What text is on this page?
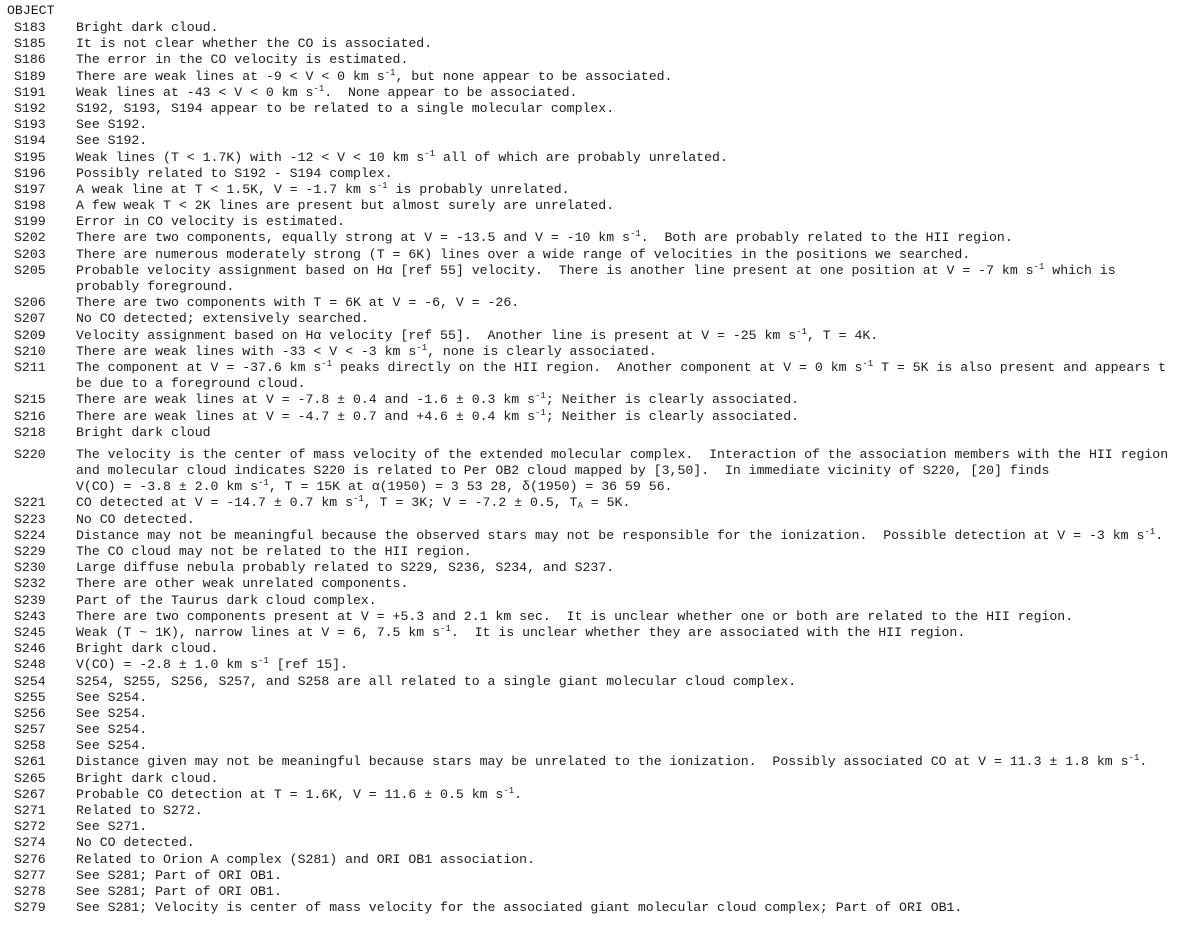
OBJECT
S183 Bright dark cloud.
S185 It is not clear whether the CO is associated.
S186 The error in the CO velocity is estimated.
S189 There are weak lines at -9 < V < 0 km $s^{-1}$, but none appear to be associated.
S191 Weak lines at -43 < V < 0 km $s^{-1}$.  None appear to be associated.
S192 S192, S193, S194 appear to be related to a single molecular complex.
S193 See S192.
S194 See S192.
S195 Weak lines (T < 1.7K) with -12 < V < 10 km $s^{-1}$ all of which are probably unrelated.
S196 Possibly related to S192 - S194 complex.
S197 A weak line at T < 1.5K, V = -1.7 km $s^{-1}$ is probably unrelated.
S198 A few weak T < 2K lines are present but almost surely are unrelated.
S199 Error in CO velocity is estimated.
S202 There are two components, equally strong at V = -13.5 and V = -10 km $s^{-1}$.  Both are probably related to the HII region.
S203 There are numerous moderately strong (T = 6K) lines over a wide range of velocities in the positions we searched.
S205 Probable velocity assignment based on Hα [ref 55] velocity.  There is another line present at one position at V = -7 km $s^{-1}$ which is
probably foreground.
S206 There are two components with T = 6K at V = -6, V = -26.
S207 No CO detected; extensively searched.
S209 Velocity assignment based on Hα velocity [ref 55].  Another line is present at V = -25 km $s^{-1}$, T = 4K.
S210 There are weak lines with -33 < V < -3 km $s^{-1}$, none is clearly associated.
S211 The component at V = -37.6 km $s^{-1}$ peaks directly on the HII region.  Another component at V = 0 km $s^{-1}$ T = 5K is also present and appears t
be due to a foreground cloud.
S215 There are weak lines at V = -7.8 ± 0.4 and -1.6 ± 0.3 km $s^{-1}$; Neither is clearly associated.
S216 There are weak lines at V = -4.7 ± 0.7 and +4.6 ± 0.4 km $s^{-1}$; Neither is clearly associated.
S218 Bright dark cloud
S220 The velocity is the center of mass velocity of the extended molecular complex.  Interaction of the association members with the HII region
and molecular cloud indicates S220 is related to Per OB2 cloud mapped by [3,50].  In immediate vicinity of S220, [20] finds
V(CO) = -3.8 ± 2.0 km $s^{-1}$, T = 15K at α(1950) = 3 53 28, δ(1950) = 36 59 56.
S221 CO detected at V = -14.7 ± 0.7 km $s^{-1}$, T = 3K; V = -7.2 ± 0.5, $T_A = 5K$.
S223 No CO detected.
S224 Distance may not be meaningful because the observed stars may not be responsible for the ionization.  Possible detection at V = -3 km $s^{-1}$.
S229 The CO cloud may not be related to the HII region.
S230 Large diffuse nebula probably related to S229, S236, S234, and S237.
S232 There are other weak unrelated components.
S239 Part of the Taurus dark cloud complex.
S243 There are two components present at V = +5.3 and 2.1 km sec.  It is unclear whether one or both are related to the HII region.
S245 Weak (T ~ 1K), narrow lines at V = 6, 7.5 km $s^{-1}$.  It is unclear whether they are associated with the HII region.
S246 Bright dark cloud.
S248 V(CO) = -2.8 ± 1.0 km $s^{-1}$ [ref 15].
S254 S254, S255, S256, S257, and S258 are all related to a single giant molecular cloud complex.
S255 See S254.
S256 See S254.
S257 See S254.
S258 See S254.
S261 Distance given may not be meaningful because stars may be unrelated to the ionization.  Possibly associated CO at V = 11.3 ± 1.8 km $s^{-1}$.
S265 Bright dark cloud.
S267 Probable CO detection at T = 1.6K, V = 11.6 ± 0.5 km $s^{-1}$.
S271 Related to S272.
S272 See S271.
S274 No CO detected.
S276 Related to Orion A complex (S281) and ORI OB1 association.
S277 See S281; Part of ORI OB1.
S278 See S281; Part of ORI OB1.
S279 See S281; Velocity is center of mass velocity for the associated giant molecular cloud complex; Part of ORI OB1.
